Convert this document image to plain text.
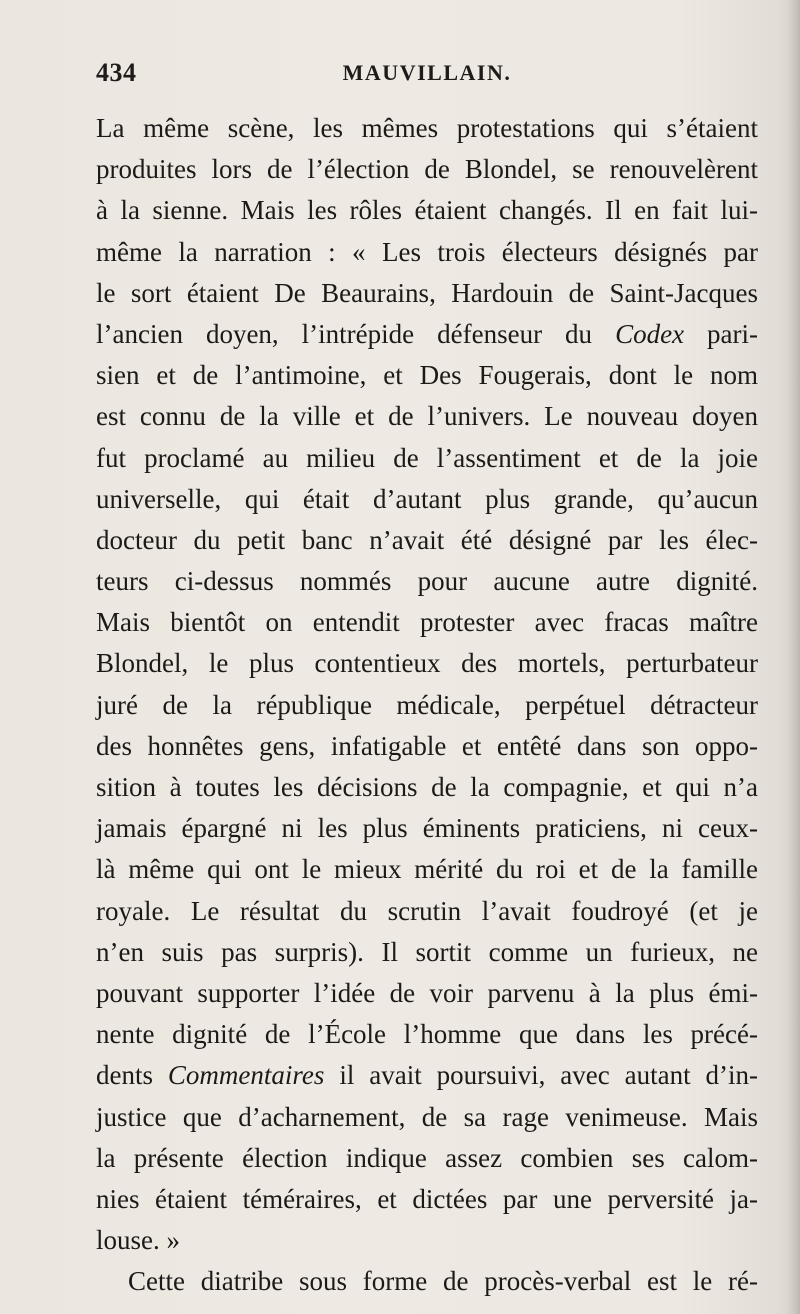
434	MAUVILLAIN.
La même scène, les mêmes protestations qui s’étaient
produites lors de l’élection de Blondel, se renouvelèrent
à la sienne. Mais les rôles étaient changés. Il en fait lui-
même la narration : « Les trois électeurs désignés par
le sort étaient De Beaurains, Hardouin de Saint-Jacques
l’ancien doyen, l’intrépide défenseur du Codex pari-
sien et de l’antimoine, et Des Fougerais, dont le nom
est connu de la ville et de l’univers. Le nouveau doyen
fut proclamé au milieu de l’assentiment et de la joie
universelle, qui était d’autant plus grande, qu’aucun
docteur du petit banc n’avait été désigné par les élec-
teurs ci-dessus nommés pour aucune autre dignité.
Mais bientôt on entendit protester avec fracas maître
Blondel, le plus contentieux des mortels, perturbateur
juré de la république médicale, perpétuel détracteur
des honnêtes gens, infatigable et entêté dans son oppo-
sition à toutes les décisions de la compagnie, et qui n’a
jamais épargné ni les plus éminents praticiens, ni ceux-
là même qui ont le mieux mérité du roi et de la famille
royale. Le résultat du scrutin l’avait foudroyé (et je
n’en suis pas surpris). Il sortit comme un furieux, ne
pouvant supporter l’idée de voir parvenu à la plus émi-
nente dignité de l’École l’homme que dans les précé-
dents Commentaires il avait poursuivi, avec autant d’in-
justice que d’acharnement, de sa rage venimeuse. Mais
la présente élection indique assez combien ses calom-
nies étaient téméraires, et dictées par une perversité ja-
louse. »
Cette diatribe sous forme de procès-verbal est le ré-
